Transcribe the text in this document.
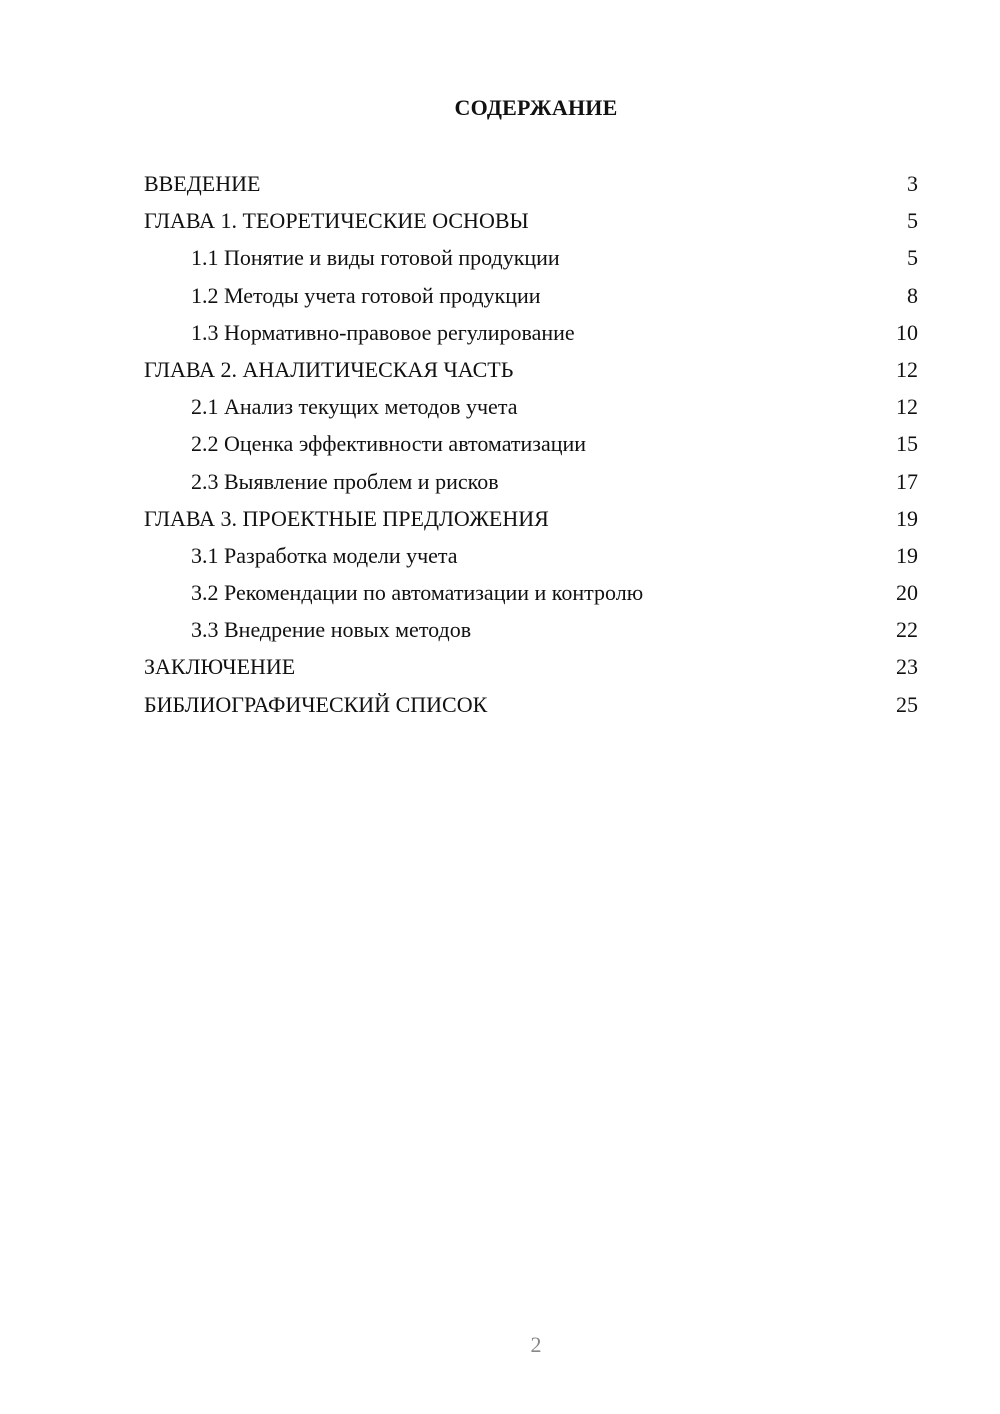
СОДЕРЖАНИЕ
ВВЕДЕНИЕ	3
ГЛАВА 1. ТЕОРЕТИЧЕСКИЕ ОСНОВЫ	5
1.1 Понятие и виды готовой продукции	5
1.2 Методы учета готовой продукции	8
1.3 Нормативно-правовое регулирование	10
ГЛАВА 2. АНАЛИТИЧЕСКАЯ ЧАСТЬ	12
2.1 Анализ текущих методов учета	12
2.2 Оценка эффективности автоматизации	15
2.3 Выявление проблем и рисков	17
ГЛАВА 3. ПРОЕКТНЫЕ ПРЕДЛОЖЕНИЯ	19
3.1 Разработка модели учета	19
3.2 Рекомендации по автоматизации и контролю	20
3.3 Внедрение новых методов	22
ЗАКЛЮЧЕНИЕ	23
БИБЛИОГРАФИЧЕСКИЙ СПИСОК	25
2
